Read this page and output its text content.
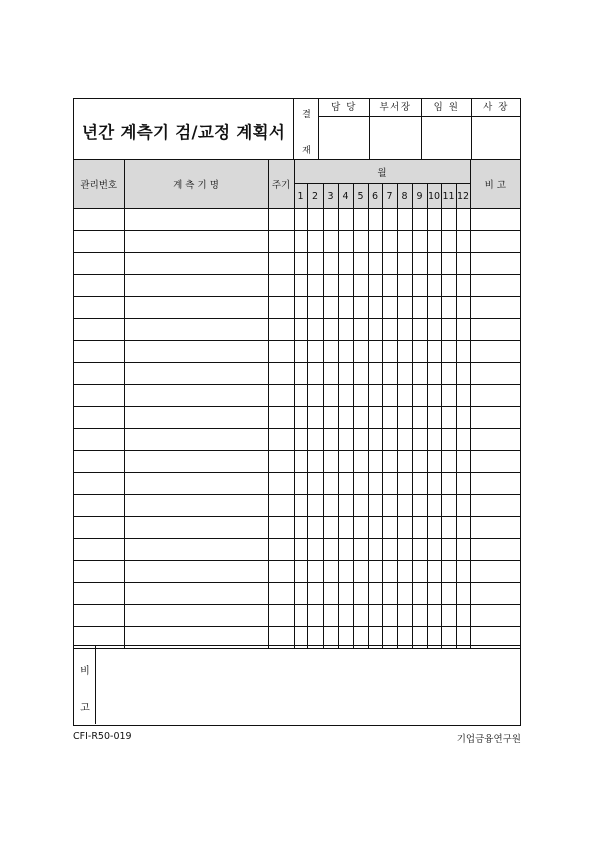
년간 계측기 검/교정 계획서
결
재
담 당	부서장	임 원	사 장
관리번호	계 측 기 명	주기	월												비 고
			1	2	3	4	5	6	7	8	9	10	11	12	

비
고
CFI-R50-019	기업금융연구원
